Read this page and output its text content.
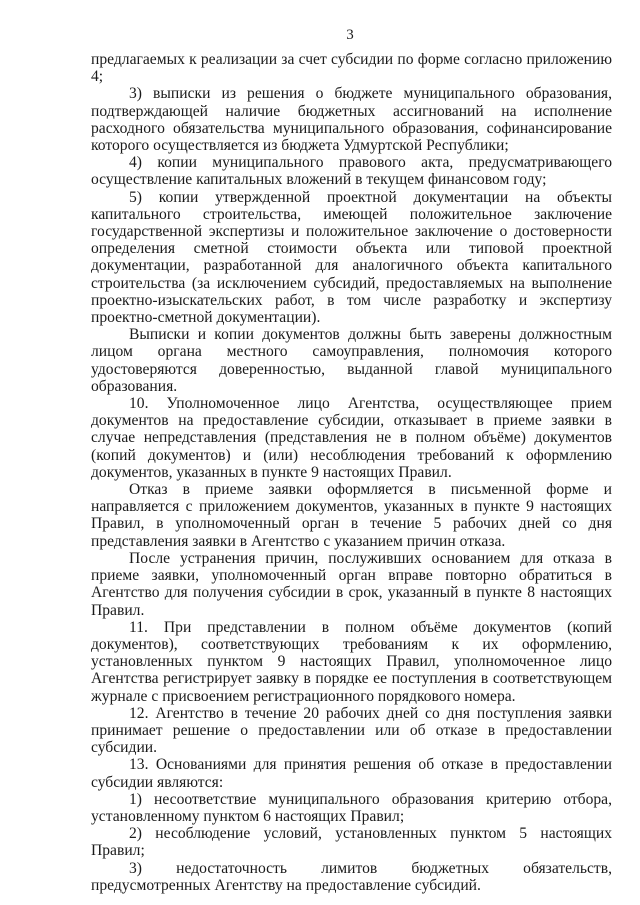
3

предлагаемых к реализации за счет субсидии по форме согласно приложению 4;

3) выписки из решения о бюджете муниципального образования, подтверждающей наличие бюджетных ассигнований на исполнение расходного обязательства муниципального образования, софинансирование которого осуществляется из бюджета Удмуртской Республики;

4) копии муниципального правового акта, предусматривающего осуществление капитальных вложений в текущем финансовом году;

5) копии утвержденной проектной документации на объекты капитального строительства, имеющей положительное заключение государственной экспертизы и положительное заключение о достоверности определения сметной стоимости объекта или типовой проектной документации, разработанной для аналогичного объекта капитального строительства (за исключением субсидий, предоставляемых на выполнение проектно-изыскательских работ, в том числе разработку и экспертизу проектно-сметной документации).

Выписки и копии документов должны быть заверены должностным лицом органа местного самоуправления, полномочия которого удостоверяются доверенностью, выданной главой муниципального образования.

10. Уполномоченное лицо Агентства, осуществляющее прием документов на предоставление субсидии, отказывает в приеме заявки в случае непредставления (представления не в полном объёме) документов (копий документов) и (или) несоблюдения требований к оформлению документов, указанных в пункте 9 настоящих Правил.

Отказ в приеме заявки оформляется в письменной форме и направляется с приложением документов, указанных в пункте 9 настоящих Правил, в уполномоченный орган в течение 5 рабочих дней со дня представления заявки в Агентство с указанием причин отказа.

После устранения причин, послуживших основанием для отказа в приеме заявки, уполномоченный орган вправе повторно обратиться в Агентство для получения субсидии в срок, указанный в пункте 8 настоящих Правил.

11. При представлении в полном объёме документов (копий документов), соответствующих требованиям к их оформлению, установленных пунктом 9 настоящих Правил, уполномоченное лицо Агентства регистрирует заявку в порядке ее поступления в соответствующем журнале с присвоением регистрационного порядкового номера.

12. Агентство в течение 20 рабочих дней со дня поступления заявки принимает решение о предоставлении или об отказе в предоставлении субсидии.

13. Основаниями для принятия решения об отказе в предоставлении субсидии являются:

1) несоответствие муниципального образования критерию отбора, установленному пунктом 6 настоящих Правил;

2) несоблюдение условий, установленных пунктом 5 настоящих Правил;

3) недостаточность лимитов бюджетных обязательств, предусмотренных Агентству на предоставление субсидий.
